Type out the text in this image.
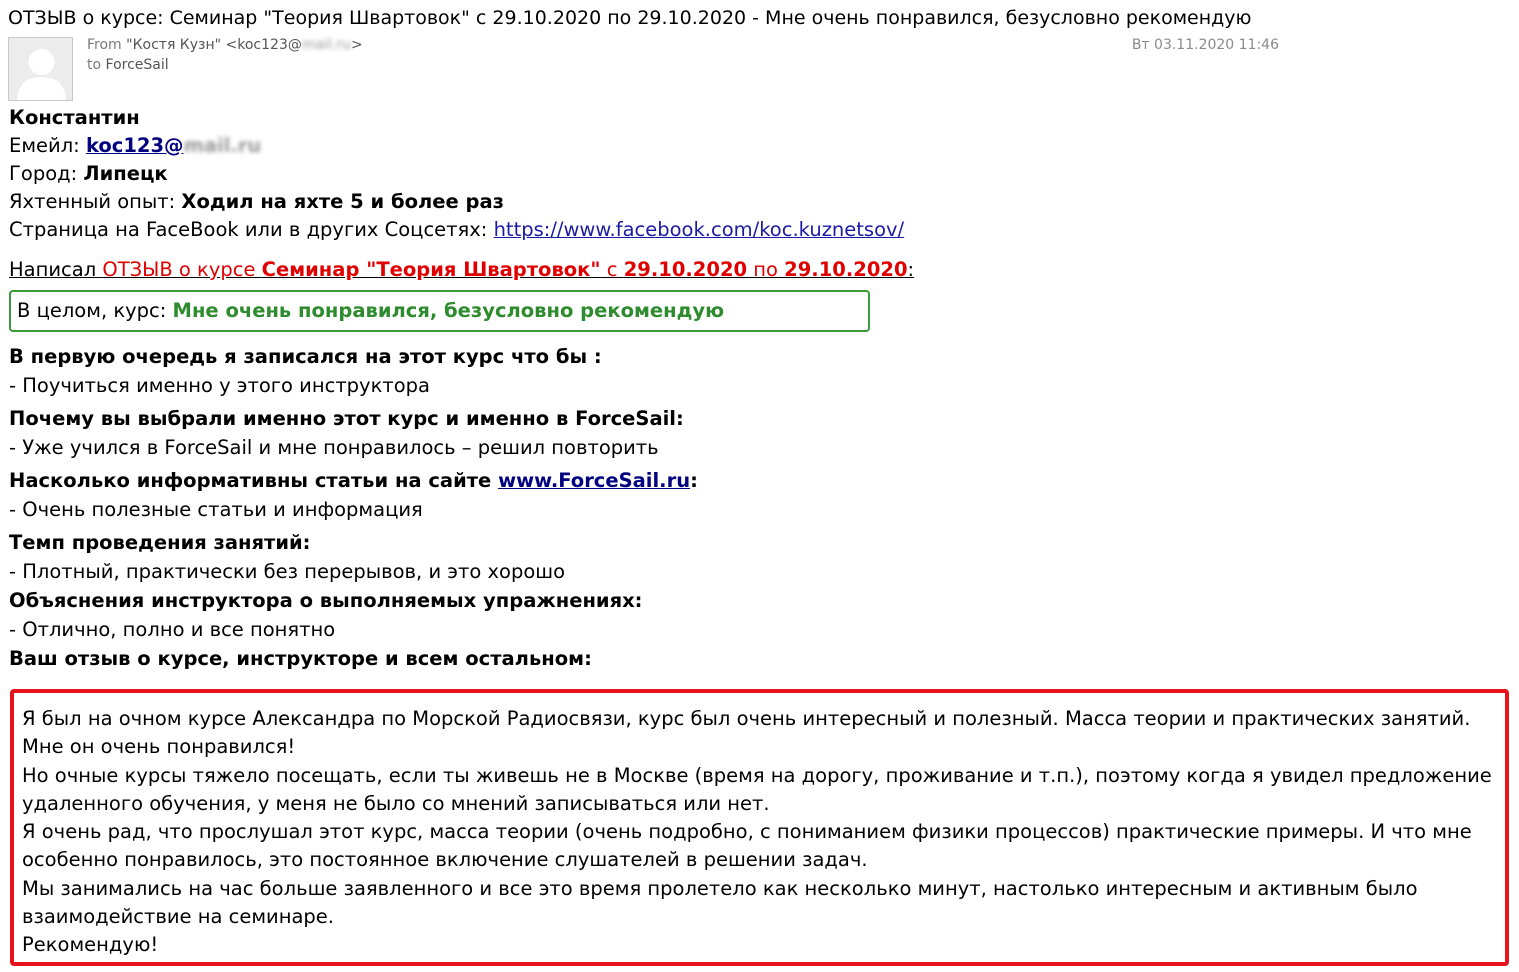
ОТЗЫВ о курсе: Семинар "Теория Швартовок" с 29.10.2020 по 29.10.2020 - Мне очень понравился, безусловно рекомендую
From "Костя Кузн" <koc123@mail.ru>
to ForceSail
Вт 03.11.2020 11:46
Константин
Емейл: koc123@mail.ru
Город: Липецк
Яхтенный опыт: Ходил на яхте 5 и более раз
Страница на FaceBook или в других Соцсетях: https://www.facebook.com/koc.kuznetsov/
Написал ОТЗЫВ о курсе Семинар "Теория Швартовок" с 29.10.2020 по 29.10.2020:
В целом, курс: Мне очень понравился, безусловно рекомендую
В первую очередь я записался на этот курс что бы :
- Поучиться именно у этого инструктора
Почему вы выбрали именно этот курс и именно в ForceSail:
- Уже учился в ForceSail и мне понравилось – решил повторить
Насколько информативны статьи на сайте www.ForceSail.ru:
- Очень полезные статьи и информация
Темп проведения занятий:
- Плотный, практически без перерывов, и это хорошо
Объяснения инструктора о выполняемых упражнениях:
- Отлично, полно и все понятно
Ваш отзыв о курсе, инструкторе и всем остальном:

Я был на очном курсе Александра по Морской Радиосвязи, курс был очень интересный и полезный. Масса теории и практических занятий. Мне он очень понравился!

Но очные курсы тяжело посещать, если ты живешь не в Москве (время на дорогу, проживание и т.п.), поэтому когда я увидел предложение удаленного обучения, у меня не было со мнений записываться или нет.

Я очень рад, что прослушал этот курс, масса теории (очень подробно, с пониманием физики процессов) практические примеры. И что мне особенно понравилось, это постоянное включение слушателей в решении задач.

Мы занимались на час больше заявленного и все это время пролетело как несколько минут, настолько интересным и активным было взаимодействие на семинаре.

Рекомендую!
